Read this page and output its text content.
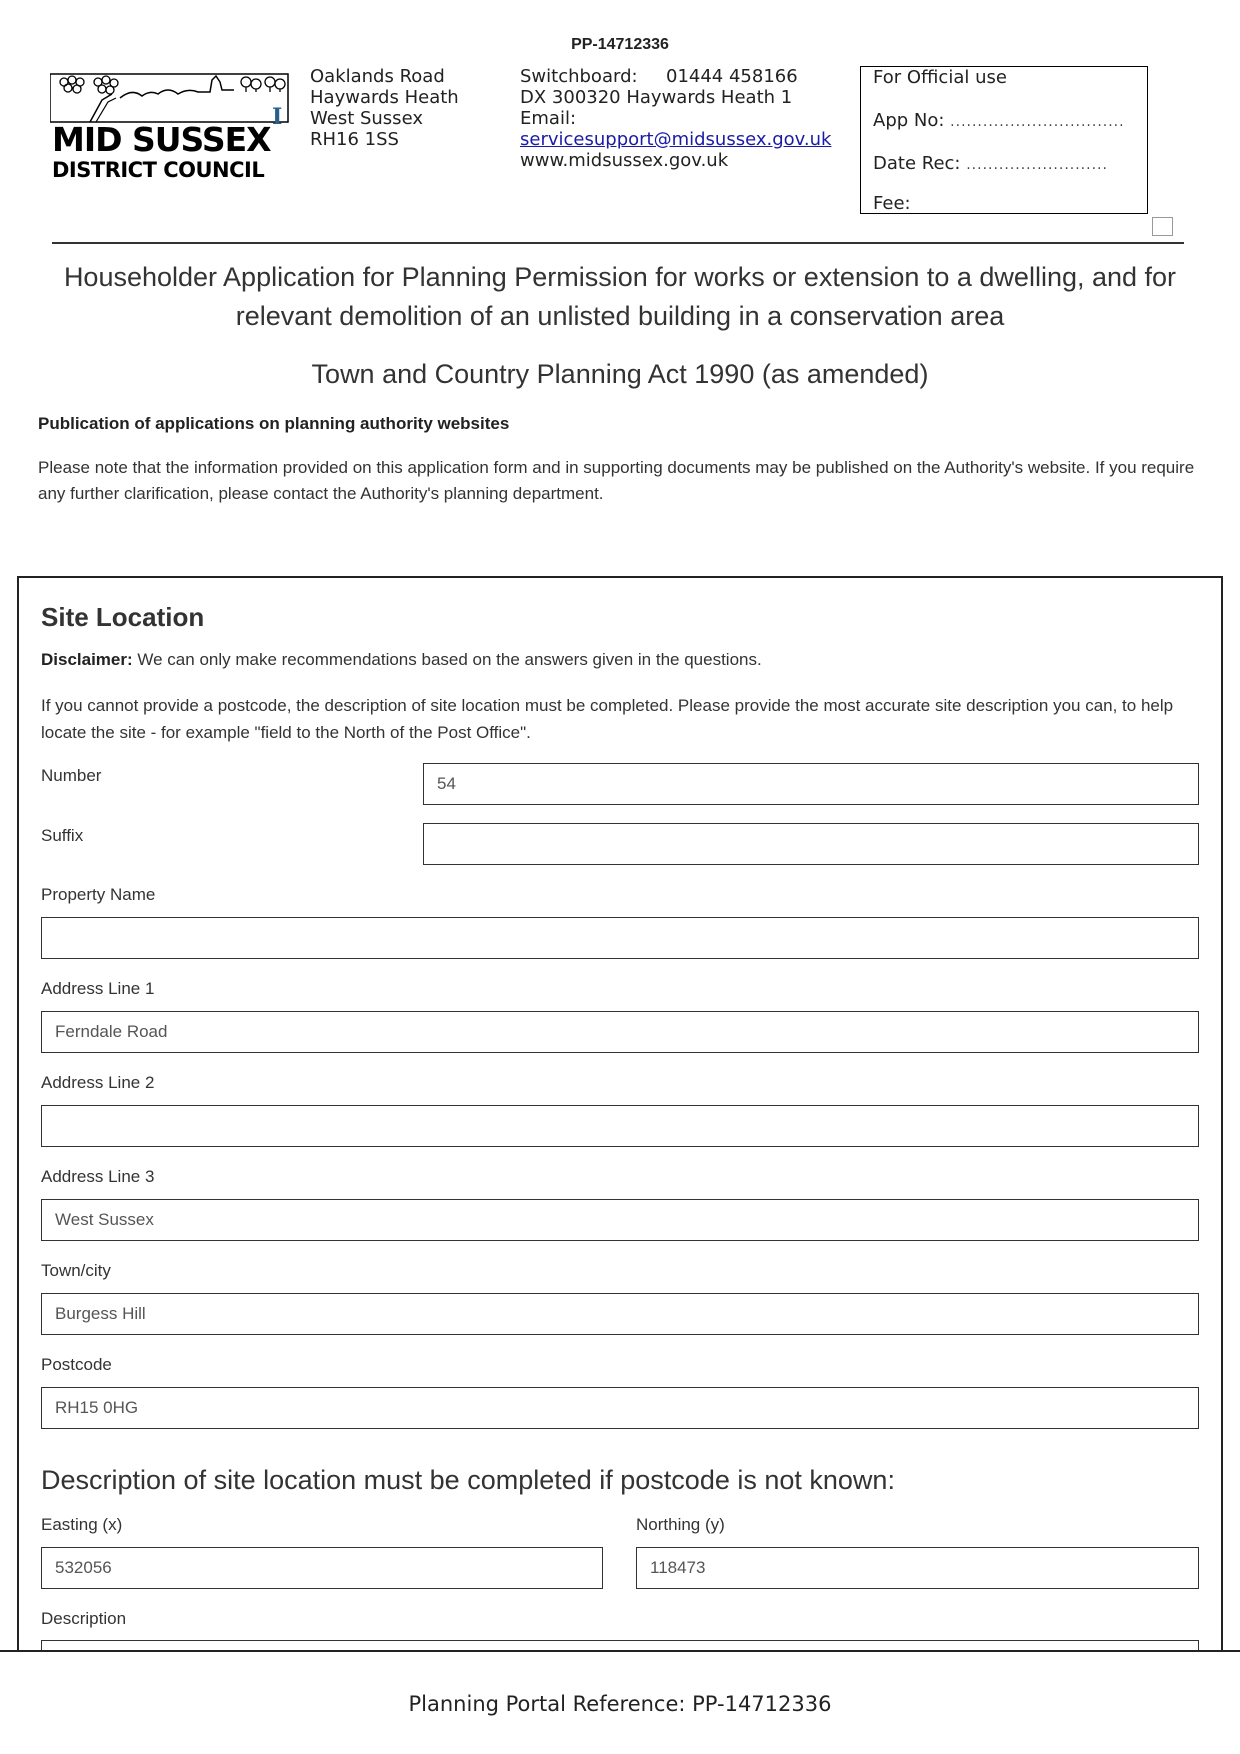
PP-14712336
MID SUSSEX
DISTRICT COUNCIL
I
Oaklands Road
Haywards Heath
West Sussex
RH16 1SS
Switchboard: 01444 458166
DX 300320 Haywards Heath 1
Email:
servicesupport@midsussex.gov.uk
www.midsussex.gov.uk
For Official use
App No: ................................
Date Rec: ..........................
Fee:
Householder Application for Planning Permission for works or extension to a dwelling, and for
relevant demolition of an unlisted building in a conservation area
Town and Country Planning Act 1990 (as amended)
Publication of applications on planning authority websites
Please note that the information provided on this application form and in supporting documents may be published on the Authority's website. If you require any further clarification, please contact the Authority's planning department.
Site Location
Disclaimer: We can only make recommendations based on the answers given in the questions.
If you cannot provide a postcode, the description of site location must be completed. Please provide the most accurate site description you can, to help locate the site - for example "field to the North of the Post Office".
Number	54
Suffix
Property Name
Address Line 1
Ferndale Road
Address Line 2
Address Line 3
West Sussex
Town/city
Burgess Hill
Postcode
RH15 0HG
Description of site location must be completed if postcode is not known:
Easting (x)
532056
Northing (y)
118473
Description
Planning Portal Reference: PP-14712336
